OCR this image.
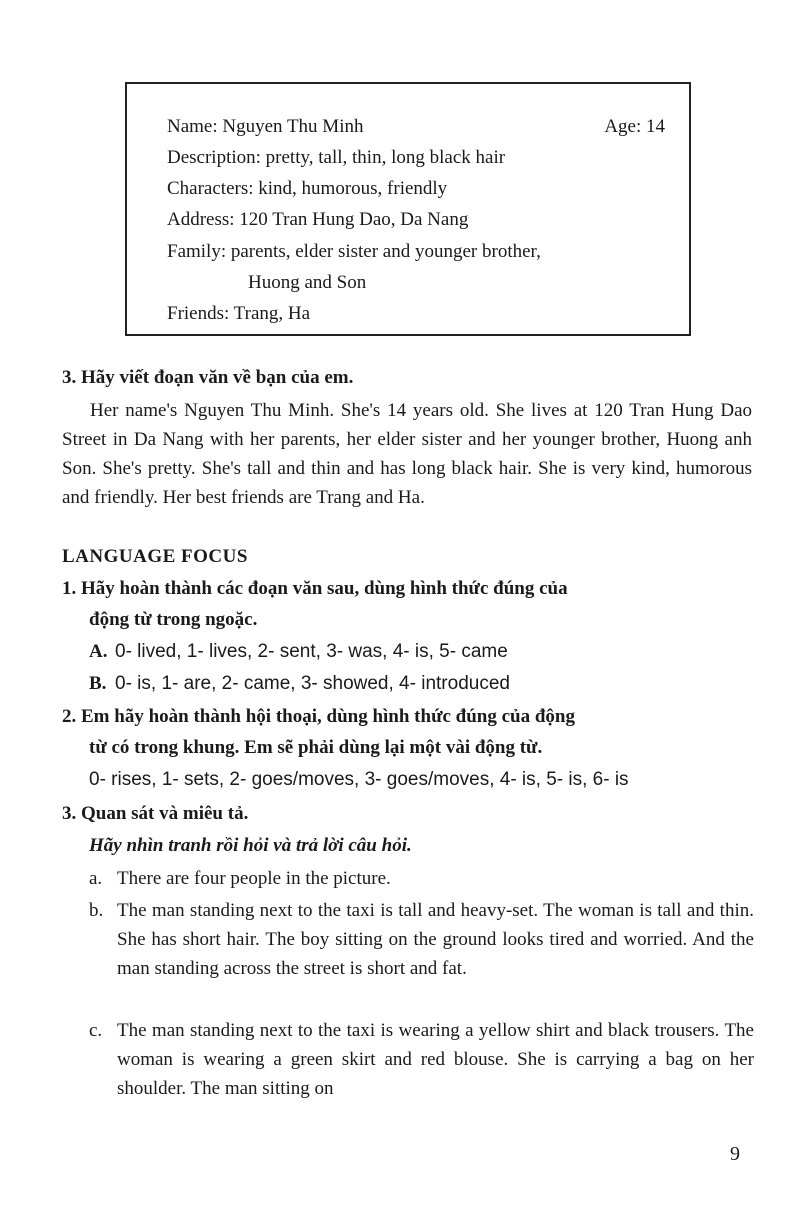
Name: Nguyen Thu Minh	Age: 14
Description: pretty, tall, thin, long black hair
Characters: kind, humorous, friendly
Address: 120 Tran Hung Dao, Da Nang
Family: parents, elder sister and younger brother,
Huong and Son
Friends: Trang, Ha
3. Hãy viết đoạn văn về bạn của em.
Her name's Nguyen Thu Minh. She's 14 years old. She lives at 120 Tran Hung Dao Street in Da Nang with her parents, her elder sister and her younger brother, Huong anh Son. She's pretty. She's tall and thin and has long black hair. She is very kind, humorous and friendly. Her best friends are Trang and Ha.
LANGUAGE FOCUS
1. Hãy hoàn thành các đoạn văn sau, dùng hình thức đúng của
động từ trong ngoặc.
A. 0- lived, 1- lives, 2- sent, 3- was, 4- is, 5- came
B. 0- is, 1- are, 2- came, 3- showed, 4- introduced
2. Em hãy hoàn thành hội thoại, dùng hình thức đúng của động
từ có trong khung. Em sẽ phải dùng lại một vài động từ.
0- rises, 1- sets, 2- goes/moves, 3- goes/moves, 4- is, 5- is, 6- is
3. Quan sát và miêu tả.
Hãy nhìn tranh rồi hỏi và trả lời câu hỏi.
a. There are four people in the picture.
b. The man standing next to the taxi is tall and heavy-set. The woman is tall and thin. She has short hair. The boy sitting on the ground looks tired and worried. And the man standing across the street is short and fat.
c. The man standing next to the taxi is wearing a yellow shirt and black trousers. The woman is wearing a green skirt and red blouse. She is carrying a bag on her shoulder. The man sitting on
9
